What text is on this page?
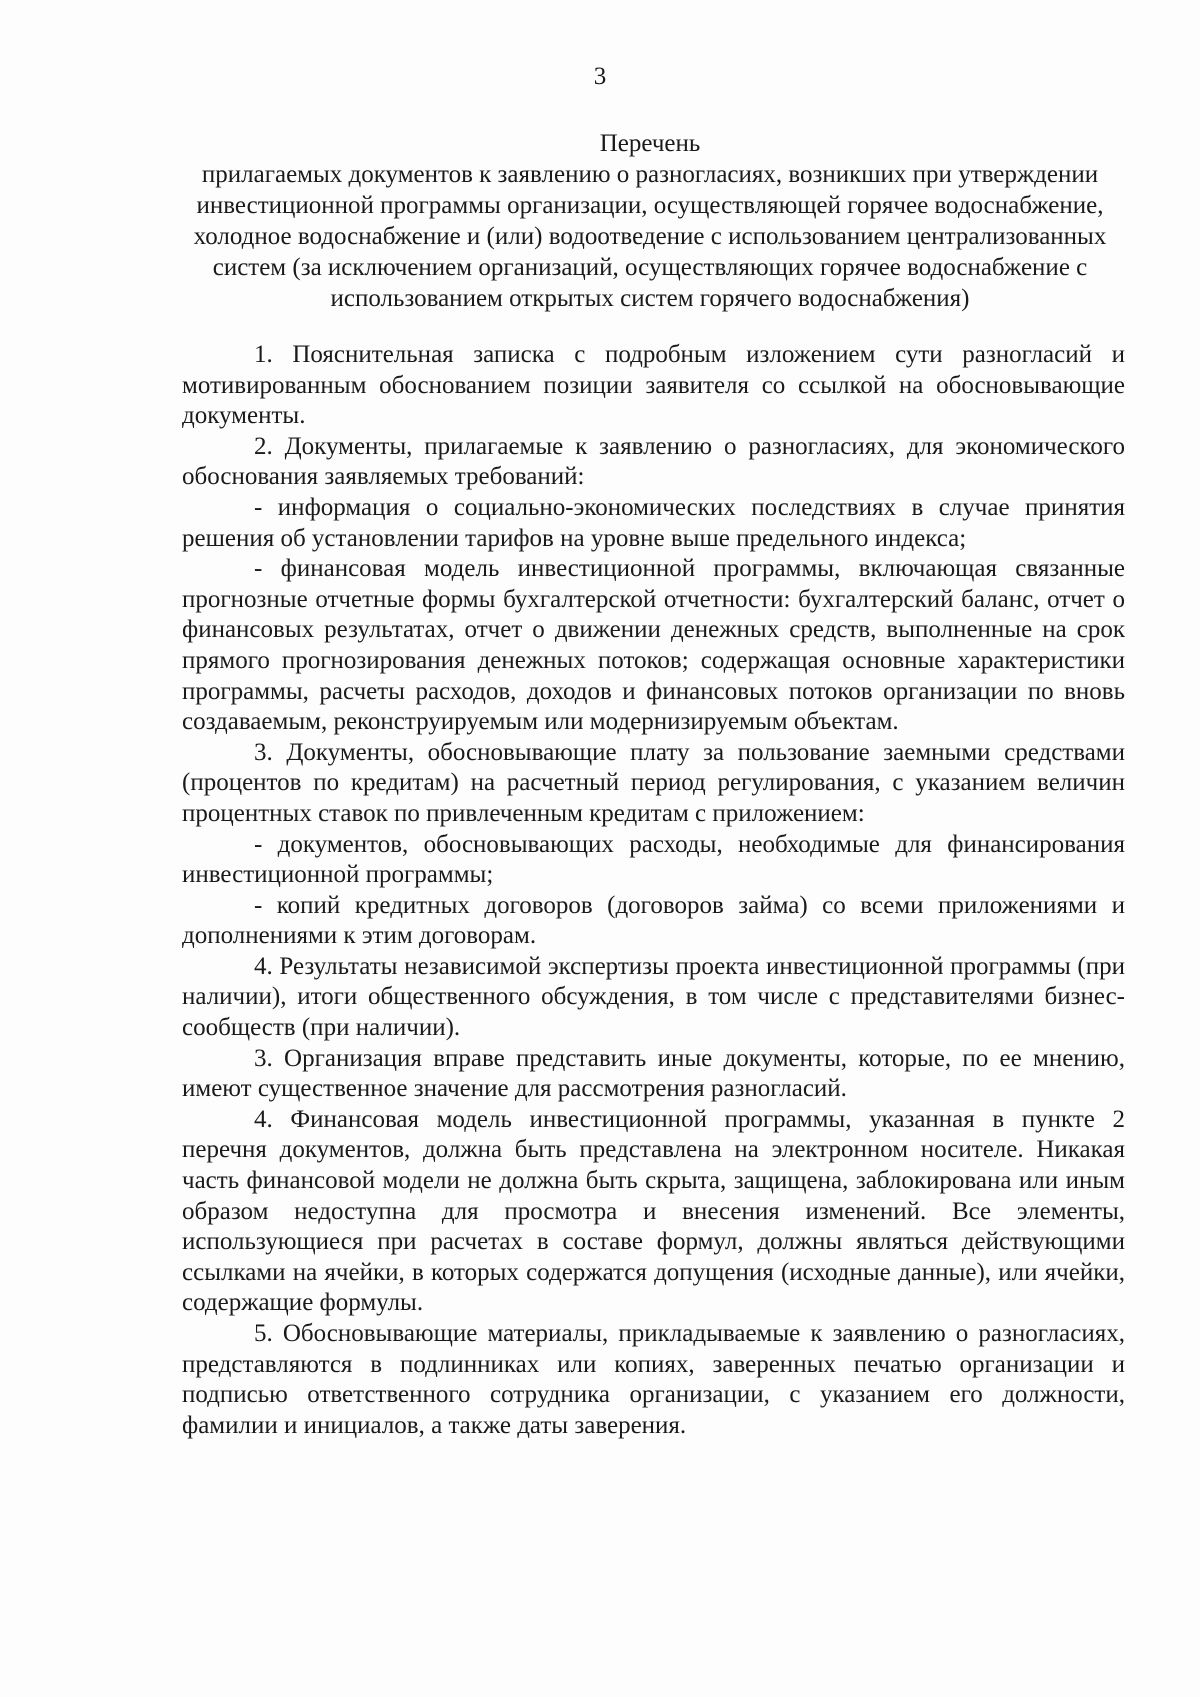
3
Перечень
прилагаемых документов к заявлению о разногласиях, возникших при утверждении инвестиционной программы организации, осуществляющей горячее водоснабжение, холодное водоснабжение и (или) водоотведение с использованием централизованных систем (за исключением организаций, осуществляющих горячее водоснабжение с использованием открытых систем горячего водоснабжения)

1. Пояснительная записка с подробным изложением сути разногласий и мотивированным обоснованием позиции заявителя со ссылкой на обосновывающие документы.

2. Документы, прилагаемые к заявлению о разногласиях, для экономического обоснования заявляемых требований:

- информация о социально-экономических последствиях в случае принятия решения об установлении тарифов на уровне выше предельного индекса;

- финансовая модель инвестиционной программы, включающая связанные прогнозные отчетные формы бухгалтерской отчетности: бухгалтерский баланс, отчет о финансовых результатах, отчет о движении денежных средств, выполненные на срок прямого прогнозирования денежных потоков; содержащая основные характеристики программы, расчеты расходов, доходов и финансовых потоков организации по вновь создаваемым, реконструируемым или модернизируемым объектам.

3. Документы, обосновывающие плату за пользование заемными средствами (процентов по кредитам) на расчетный период регулирования, с указанием величин процентных ставок по привлеченным кредитам с приложением:

- документов, обосновывающих расходы, необходимые для финансирования инвестиционной программы;

- копий кредитных договоров (договоров займа) со всеми приложениями и дополнениями к этим договорам.

4. Результаты независимой экспертизы проекта инвестиционной программы (при наличии), итоги общественного обсуждения, в том числе с представителями бизнес-сообществ (при наличии).

3. Организация вправе представить иные документы, которые, по ее мнению, имеют существенное значение для рассмотрения разногласий.

4. Финансовая модель инвестиционной программы, указанная в пункте 2 перечня документов, должна быть представлена на электронном носителе. Никакая часть финансовой модели не должна быть скрыта, защищена, заблокирована или иным образом недоступна для просмотра и внесения изменений. Все элементы, использующиеся при расчетах в составе формул, должны являться действующими ссылками на ячейки, в которых содержатся допущения (исходные данные), или ячейки, содержащие формулы.

5. Обосновывающие материалы, прикладываемые к заявлению о разногласиях, представляются в подлинниках или копиях, заверенных печатью организации и подписью ответственного сотрудника организации, с указанием его должности, фамилии и инициалов, а также даты заверения.
